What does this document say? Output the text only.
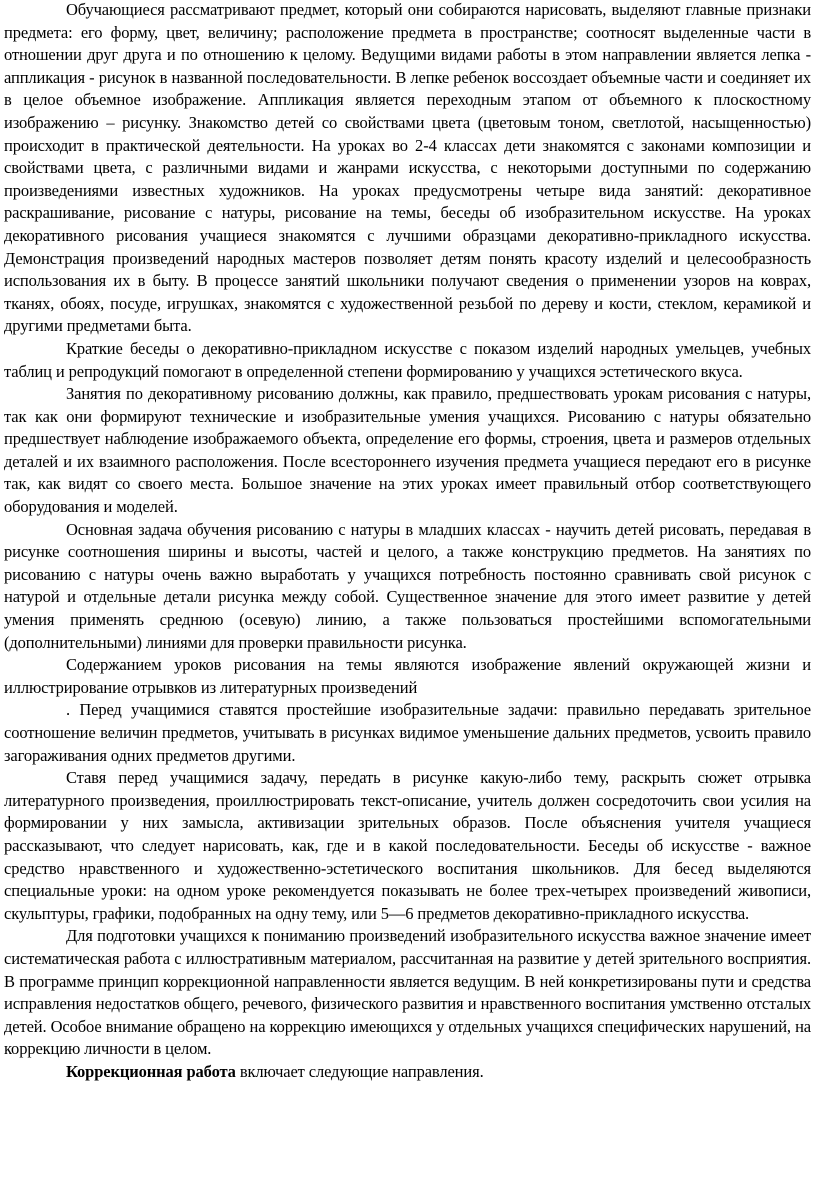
Обучающиеся рассматривают предмет, который они собираются нарисовать, выделяют главные признаки предмета: его форму, цвет, величину; расположение предмета в пространстве; соотносят выделенные части в отношении друг друга и по отношению к целому. Ведущими видами работы в этом направлении является лепка - аппликация - рисунок в названной последовательности. В лепке ребенок воссоздает объемные части и соединяет их в целое объемное изображение. Аппликация является переходным этапом от объемного к плоскостному изображению – рисунку. Знакомство детей со свойствами цвета (цветовым тоном, светлотой, насыщенностью) происходит в практической деятельности. На уроках во 2-4 классах дети знакомятся с законами композиции и свойствами цвета, с различными видами и жанрами искусства, с некоторыми доступными по содержанию произведениями известных художников. На уроках предусмотрены четыре вида занятий: декоративное раскрашивание, рисование с натуры, рисование на темы, беседы об изобразительном искусстве. На уроках декоративного рисования учащиеся знакомятся с лучшими образцами декоративно-прикладного искусства. Демонстрация произведений народных мастеров позволяет детям понять красоту изделий и целесообразность использования их в быту. В процессе занятий школьники получают сведения о применении узоров на коврах, тканях, обоях, посуде, игрушках, знакомятся с художественной резьбой по дереву и кости, стеклом, керамикой и другими предметами быта.

Краткие беседы о декоративно-прикладном искусстве с показом изделий народных умельцев, учебных таблиц и репродукций помогают в определенной степени формированию у учащихся эстетического вкуса.

Занятия по декоративному рисованию должны, как правило, предшествовать урокам рисования с натуры, так как они формируют технические и изобразительные умения учащихся. Рисованию с натуры обязательно предшествует наблюдение изображаемого объекта, определение его формы, строения, цвета и размеров отдельных деталей и их взаимного расположения. После всестороннего изучения предмета учащиеся передают его в рисунке так, как видят со своего места. Большое значение на этих уроках имеет правильный отбор соответствующего оборудования и моделей.

Основная задача обучения рисованию с натуры в младших классах - научить детей рисовать, передавая в рисунке соотношения ширины и высоты, частей и целого, а также конструкцию предметов. На занятиях по рисованию с натуры очень важно выработать у учащихся потребность постоянно сравнивать свой рисунок с натурой и отдельные детали рисунка между собой. Существенное значение для этого имеет развитие у детей умения применять среднюю (осевую) линию, а также пользоваться простейшими вспомогательными (дополнительными) линиями для проверки правильности рисунка.

Содержанием уроков рисования на темы являются изображение явлений окружающей жизни и иллюстрирование отрывков из литературных произведений

. Перед учащимися ставятся простейшие изобразительные задачи: правильно передавать зрительное соотношение величин предметов, учитывать в рисунках видимое уменьшение дальних предметов, усвоить правило загораживания одних предметов другими.

Ставя перед учащимися задачу, передать в рисунке какую-либо тему, раскрыть сюжет отрывка литературного произведения, проиллюстрировать текст-описание, учитель должен сосредоточить свои усилия на формировании у них замысла, активизации зрительных образов. После объяснения учителя учащиеся рассказывают, что следует нарисовать, как, где и в какой последовательности. Беседы об искусстве - важное средство нравственного и художественно-эстетического воспитания школьников. Для бесед выделяются специальные уроки: на одном уроке рекомендуется показывать не более трех-четырех произведений живописи, скульптуры, графики, подобранных на одну тему, или 5—6 предметов декоративно-прикладного искусства.

Для подготовки учащихся к пониманию произведений изобразительного искусства важное значение имеет систематическая работа с иллюстративным материалом, рассчитанная на развитие у детей зрительного восприятия. В программе принцип коррекционной направленности является ведущим. В ней конкретизированы пути и средства исправления недостатков общего, речевого, физического развития и нравственного воспитания умственно отсталых детей. Особое внимание обращено на коррекцию имеющихся у отдельных учащихся специфических нарушений, на коррекцию личности в целом.

Коррекционная работа включает следующие направления.
